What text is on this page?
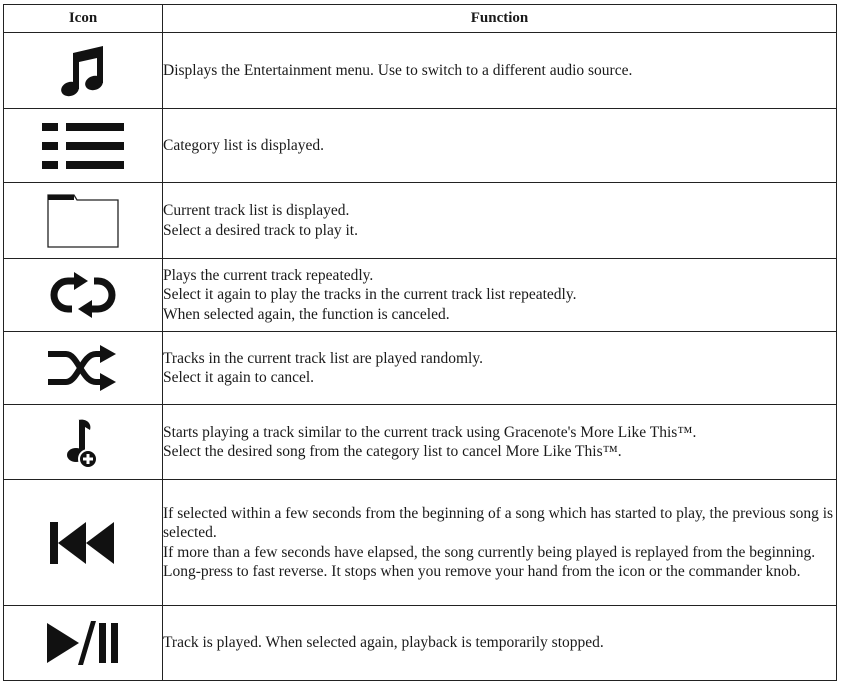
Icon	Function

Displays the Entertainment menu. Use to switch to a different audio source.

Category list is displayed.

Current track list is displayed.
Select a desired track to play it.

Plays the current track repeatedly.
Select it again to play the tracks in the current track list repeatedly.
When selected again, the function is canceled.

Tracks in the current track list are played randomly.
Select it again to cancel.

Starts playing a track similar to the current track using Gracenote's More Like This™.
Select the desired song from the category list to cancel More Like This™.

If selected within a few seconds from the beginning of a song which has started to play, the previous song is selected.
If more than a few seconds have elapsed, the song currently being played is replayed from the beginning.
Long-press to fast reverse. It stops when you remove your hand from the icon or the commander knob.

Track is played. When selected again, playback is temporarily stopped.
